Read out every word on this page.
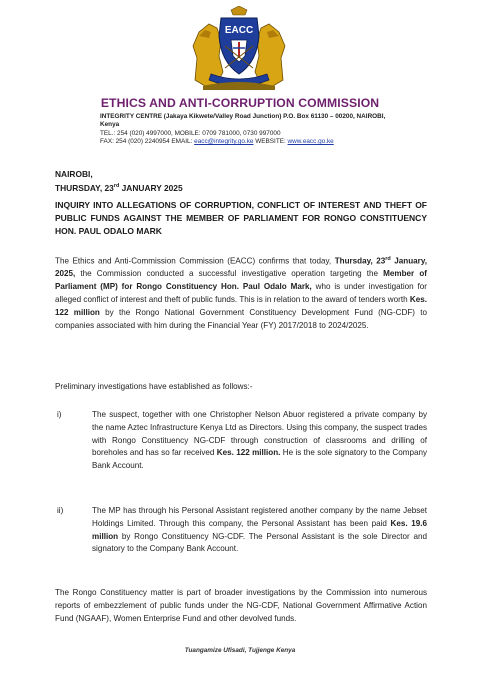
EACC
ETHICS AND ANTI-CORRUPTION COMMISSION
INTEGRITY CENTRE (Jakaya Kikwete/Valley Road Junction) P.O. Box 61130 – 00200, NAIROBI, Kenya
TEL.: 254 (020) 4997000, MOBILE: 0709 781000, 0730 997000
FAX: 254 (020) 2240954 EMAIL: eacc@integrity.go.ke WEBSITE: www.eacc.go.ke
NAIROBI,
THURSDAY, 23rd JANUARY 2025
INQUIRY INTO ALLEGATIONS OF CORRUPTION, CONFLICT OF INTEREST AND THEFT OF PUBLIC FUNDS AGAINST THE MEMBER OF PARLIAMENT FOR RONGO CONSTITUENCY HON. PAUL ODALO MARK

The Ethics and Anti-Commission Commission (EACC) confirms that today, Thursday, 23rd January, 2025, the Commission conducted a successful investigative operation targeting the Member of Parliament (MP) for Rongo Constituency Hon. Paul Odalo Mark, who is under investigation for alleged conflict of interest and theft of public funds. This is in relation to the award of tenders worth Kes. 122 million by the Rongo National Government Constituency Development Fund (NG-CDF) to companies associated with him during the Financial Year (FY) 2017/2018 to 2024/2025.

Preliminary investigations have established as follows:-

i)	The suspect, together with one Christopher Nelson Abuor registered a private company by the name Aztec Infrastructure Kenya Ltd as Directors. Using this company, the suspect trades with Rongo Constituency NG-CDF through construction of classrooms and drilling of boreholes and has so far received Kes. 122 million. He is the sole signatory to the Company Bank Account.

ii)	The MP has through his Personal Assistant registered another company by the name Jebset Holdings Limited. Through this company, the Personal Assistant has been paid Kes. 19.6 million by Rongo Constituency NG-CDF. The Personal Assistant is the sole Director and signatory to the Company Bank Account.

The Rongo Constituency matter is part of broader investigations by the Commission into numerous reports of embezzlement of public funds under the NG-CDF, National Government Affirmative Action Fund (NGAAF), Women Enterprise Fund and other devolved funds.

Tuangamize Ufisadi, Tujjenge Kenya
